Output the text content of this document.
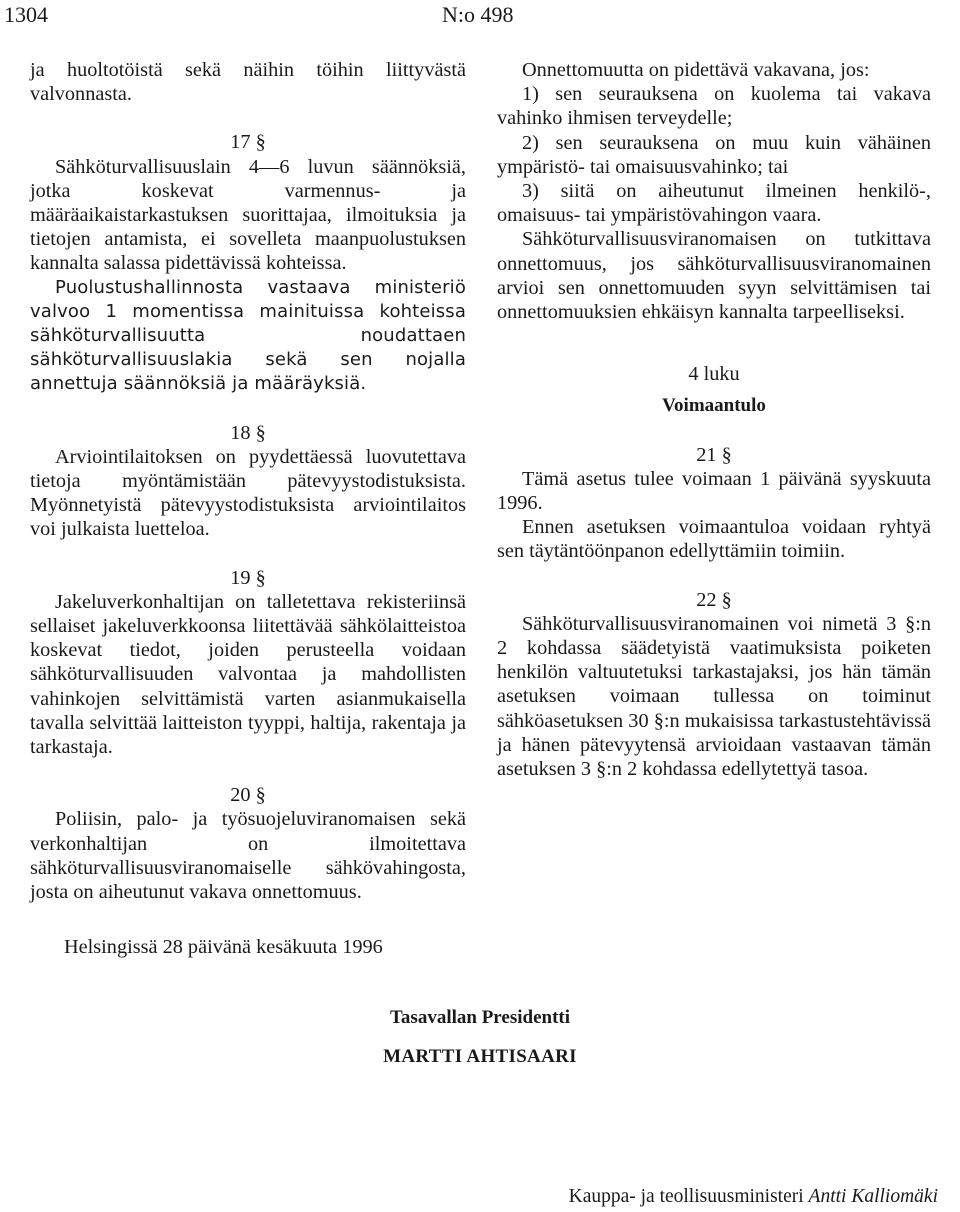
1304	N:o 498

ja huoltotöistä sekä näihin töihin liittyvästä valvonnasta.

17 §

Sähköturvallisuuslain 4—6 luvun säännöksiä, jotka koskevat varmennus- ja määräaikaistarkastuksen suorittajaa, ilmoituksia ja tietojen antamista, ei sovelleta maanpuolustuksen kannalta salassa pidettävissä kohteissa.

Puolustushallinnosta vastaava ministeriö valvoo 1 momentissa mainituissa kohteissa sähköturvallisuutta noudattaen sähköturvallisuuslakia sekä sen nojalla annettuja säännöksiä ja määräyksiä.

18 §

Arviointilaitoksen on pyydettäessä luovutettava tietoja myöntämistään pätevyystodistuksista. Myönnetyistä pätevyystodistuksista arviointilaitos voi julkaista luetteloa.

19 §

Jakeluverkonhaltijan on talletettava rekisteriinsä sellaiset jakeluverkkoonsa liitettävää sähkölaitteistoa koskevat tiedot, joiden perusteella voidaan sähköturvallisuuden valvontaa ja mahdollisten vahinkojen selvittämistä varten asianmukaisella tavalla selvittää laitteiston tyyppi, haltija, rakentaja ja tarkastaja.

20 §

Poliisin, palo- ja työsuojeluviranomaisen sekä verkonhaltijan on ilmoitettava sähköturvallisuusviranomaiselle sähkövahingosta, josta on aiheutunut vakava onnettomuus.

Onnettomuutta on pidettävä vakavana, jos:

1) sen seurauksena on kuolema tai vakava vahinko ihmisen terveydelle;

2) sen seurauksena on muu kuin vähäinen ympäristö- tai omaisuusvahinko; tai

3) siitä on aiheutunut ilmeinen henkilö-, omaisuus- tai ympäristövahingon vaara.

Sähköturvallisuusviranomaisen on tutkittava onnettomuus, jos sähköturvallisuusviranomainen arvioi sen onnettomuuden syyn selvittämisen tai onnettomuuksien ehkäisyn kannalta tarpeelliseksi.

4 luku

Voimaantulo

21 §

Tämä asetus tulee voimaan 1 päivänä syyskuuta 1996.

Ennen asetuksen voimaantuloa voidaan ryhtyä sen täytäntöönpanon edellyttämiin toimiin.

22 §

Sähköturvallisuusviranomainen voi nimetä 3 §:n 2 kohdassa säädetyistä vaatimuksista poiketen henkilön valtuutetuksi tarkastajaksi, jos hän tämän asetuksen voimaan tullessa on toiminut sähköasetuksen 30 §:n mukaisissa tarkastustehtävissä ja hänen pätevyytensä arvioidaan vastaavan tämän asetuksen 3 §:n 2 kohdassa edellytettyä tasoa.

Helsingissä 28 päivänä kesäkuuta 1996
Tasavallan Presidentti
MARTTI AHTISAARI
Kauppa- ja teollisuusministeri Antti Kalliomäki
